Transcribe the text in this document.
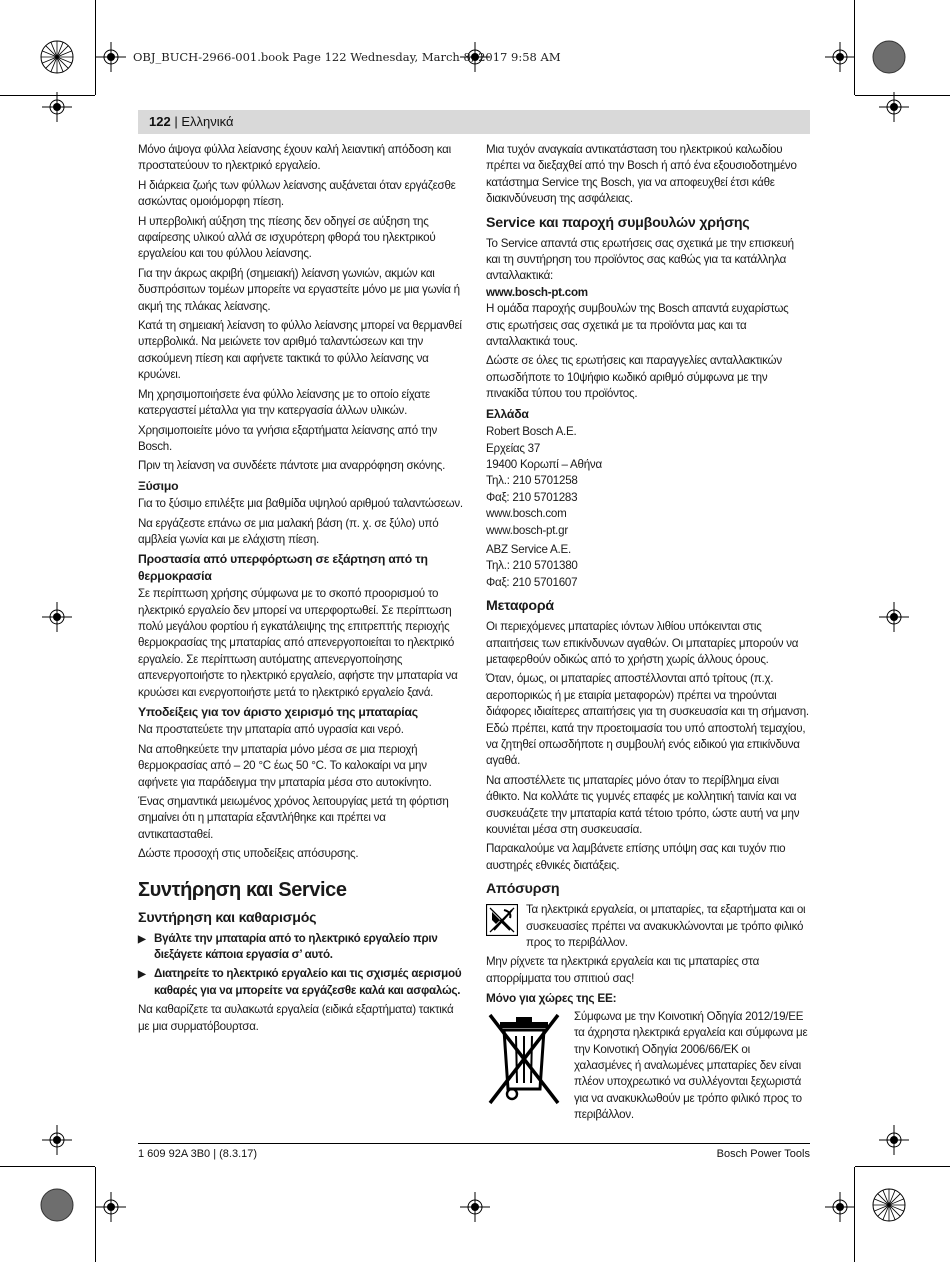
OBJ_BUCH-2966-001.book Page 122 Wednesday, March 8, 2017 9:58 AM
122 | Ελληνικά

Μόνο άψογα φύλλα λείανσης έχουν καλή λειαντική απόδοση και προστατεύουν το ηλεκτρικό εργαλείο.

Η διάρκεια ζωής των φύλλων λείανσης αυξάνεται όταν εργάζεσθε ασκώντας ομοιόμορφη πίεση.

Η υπερβολική αύξηση της πίεσης δεν οδηγεί σε αύξηση της αφαίρεσης υλικού αλλά σε ισχυρότερη φθορά του ηλεκτρικού εργαλείου και του φύλλου λείανσης.

Για την άκρως ακριβή (σημειακή) λείανση γωνιών, ακμών και δυσπρόσιτων τομέων μπορείτε να εργαστείτε μόνο με μια γωνία ή ακμή της πλάκας λείανσης.

Κατά τη σημειακή λείανση το φύλλο λείανσης μπορεί να θερμανθεί υπερβολικά. Να μειώνετε τον αριθμό ταλαντώσεων και την ασκούμενη πίεση και αφήνετε τακτικά το φύλλο λείανσης να κρυώνει.

Μη χρησιμοποιήσετε ένα φύλλο λείανσης με το οποίο είχατε κατεργαστεί μέταλλα για την κατεργασία άλλων υλικών.

Χρησιμοποιείτε μόνο τα γνήσια εξαρτήματα λείανσης από την Bosch.

Πριν τη λείανση να συνδέετε πάντοτε μια αναρρόφηση σκόνης.

Ξύσιμο

Για το ξύσιμο επιλέξτε μια βαθμίδα υψηλού αριθμού ταλαντώσεων.

Να εργάζεστε επάνω σε μια μαλακή βάση (π. χ. σε ξύλο) υπό αμβλεία γωνία και με ελάχιστη πίεση.

Προστασία από υπερφόρτωση σε εξάρτηση από τη θερμοκρασία

Σε περίπτωση χρήσης σύμφωνα με το σκοπό προορισμού το ηλεκτρικό εργαλείο δεν μπορεί να υπερφορτωθεί. Σε περίπτωση πολύ μεγάλου φορτίου ή εγκατάλειψης της επιτρεπτής περιοχής θερμοκρασίας της μπαταρίας από απενεργοποιείται το ηλεκτρικό εργαλείο. Σε περίπτωση αυτόματης απενεργοποίησης απενεργοποιήστε το ηλεκτρικό εργαλείο, αφήστε την μπαταρία να κρυώσει και ενεργοποιήστε μετά το ηλεκτρικό εργαλείο ξανά.

Υποδείξεις για τον άριστο χειρισμό της μπαταρίας

Να προστατεύετε την μπαταρία από υγρασία και νερό.

Να αποθηκεύετε την μπαταρία μόνο μέσα σε μια περιοχή θερμοκρασίας από – 20 °C έως 50 °C. Το καλοκαίρι να μην αφήνετε για παράδειγμα την μπαταρία μέσα στο αυτοκίνητο.

Ένας σημαντικά μειωμένος χρόνος λειτουργίας μετά τη φόρτιση σημαίνει ότι η μπαταρία εξαντλήθηκε και πρέπει να αντικατασταθεί.

Δώστε προσοχή στις υποδείξεις απόσυρσης.

Συντήρηση και Service
Συντήρηση και καθαρισμός
▶ Βγάλτε την μπαταρία από το ηλεκτρικό εργαλείο πριν διεξάγετε κάποια εργασία σ’ αυτό.
▶ Διατηρείτε το ηλεκτρικό εργαλείο και τις σχισμές αερισμού καθαρές για να μπορείτε να εργάζεσθε καλά και ασφαλώς.

Να καθαρίζετε τα αυλακωτά εργαλεία (ειδικά εξαρτήματα) τακτικά με μια συρματόβουρτσα.

Μια τυχόν αναγκαία αντικατάσταση του ηλεκτρικού καλωδίου πρέπει να διεξαχθεί από την Bosch ή από ένα εξουσιοδοτημένο κατάστημα Service της Bosch, για να αποφευχθεί έτσι κάθε διακινδύνευση της ασφάλειας.

Service και παροχή συμβουλών χρήσης

Το Service απαντά στις ερωτήσεις σας σχετικά με την επισκευή και τη συντήρηση του προϊόντος σας καθώς για τα κατάλληλα ανταλλακτικά:

www.bosch-pt.com

Η ομάδα παροχής συμβουλών της Bosch απαντά ευχαρίστως στις ερωτήσεις σας σχετικά με τα προϊόντα μας και τα ανταλλακτικά τους.

Δώστε σε όλες τις ερωτήσεις και παραγγελίες ανταλλακτικών οπωσδήποτε το 10ψήφιο κωδικό αριθμό σύμφωνα με την πινακίδα τύπου του προϊόντος.

Ελλάδα
Robert Bosch A.E.
Ερχείας 37
19400 Κορωπί – Αθήνα
Τηλ.: 210 5701258
Φαξ: 210 5701283
www.bosch.com
www.bosch-pt.gr
ABZ Service A.E.
Τηλ.: 210 5701380
Φαξ: 210 5701607
Μεταφορά

Οι περιεχόμενες μπαταρίες ιόντων λιθίου υπόκεινται στις απαιτήσεις των επικίνδυνων αγαθών. Οι μπαταρίες μπορούν να μεταφερθούν οδικώς από το χρήστη χωρίς άλλους όρους.

Όταν, όμως, οι μπαταρίες αποστέλλονται από τρίτους (π.χ. αεροπορικώς ή με εταιρία μεταφορών) πρέπει να τηρούνται διάφορες ιδιαίτερες απαιτήσεις για τη συσκευασία και τη σήμανση. Εδώ πρέπει, κατά την προετοιμασία του υπό αποστολή τεμαχίου, να ζητηθεί οπωσδήποτε η συμβουλή ενός ειδικού για επικίνδυνα αγαθά.

Να αποστέλλετε τις μπαταρίες μόνο όταν το περίβλημα είναι άθικτο. Να κολλάτε τις γυμνές επαφές με κολλητική ταινία και να συσκευάζετε την μπαταρία κατά τέτοιο τρόπο, ώστε αυτή να μην κουνιέται μέσα στη συσκευασία.

Παρακαλούμε να λαμβάνετε επίσης υπόψη σας και τυχόν πιο αυστηρές εθνικές διατάξεις.

Απόσυρση
Τα ηλεκτρικά εργαλεία, οι μπαταρίες, τα εξαρτήματα και οι συσκευασίες πρέπει να ανακυκλώνονται με τρόπο φιλικό προς το περιβάλλον.

Μην ρίχνετε τα ηλεκτρικά εργαλεία και τις μπαταρίες στα απορρίμματα του σπιτιού σας!

Μόνο για χώρες της ΕΕ:
Σύμφωνα με την Κοινοτική Οδηγία 2012/19/ΕΕ τα άχρηστα ηλεκτρικά εργαλεία και σύμφωνα με την Κοινοτική Οδηγία 2006/66/ΕΚ οι χαλασμένες ή αναλωμένες μπαταρίες δεν είναι πλέον υποχρεωτικό να συλλέγονται ξεχωριστά για να ανακυκλωθούν με τρόπο φιλικό προς το περιβάλλον.
1 609 92A 3B0 | (8.3.17)	Bosch Power Tools
